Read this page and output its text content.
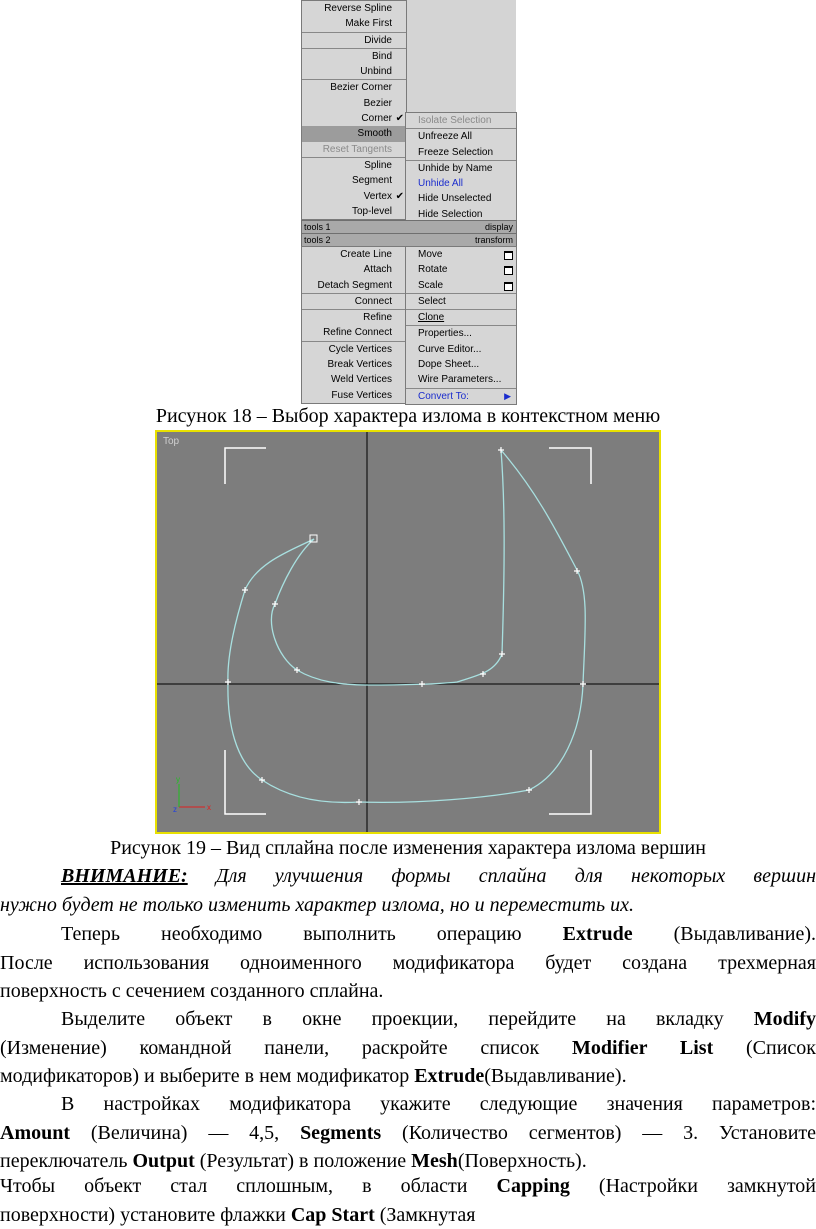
Reverse Spline
Make First
Divide
Bind
Unbind
Bezier Corner
Bezier
Corner ✔
Smooth
Reset Tangents
Spline
Segment
Vertex ✔
Top-level
Isolate Selection
Unfreeze All
Freeze Selection
Unhide by Name
Unhide All
Hide Unselected
Hide Selection
tools 1	display
tools 2	transform
Create Line
Attach
Detach Segment
Connect
Refine
Refine Connect
Cycle Vertices
Break Vertices
Weld Vertices
Fuse Vertices
Move
Rotate
Scale
Select
Clone
Properties...
Curve Editor...
Dope Sheet...
Wire Parameters...
Convert To:	▶
Рисунок 18 – Выбор характера излома в контекстном меню
Top
x
y
z
Рисунок 19 – Вид сплайна после изменения характера излома вершин
ВНИМАНИЕ: Для улучшения формы сплайна для некоторых вершин
нужно будет не только изменить характер излома, но и переместить их.
Теперь необходимо выполнить операцию Extrude (Выдавливание).
После использования одноименного модификатора будет создана трехмерная
поверхность с сечением созданного сплайна.
Выделите объект в окне проекции, перейдите на вкладку Modify
(Изменение) командной панели, раскройте список Modifier List (Список
модификаторов) и выберите в нем модификатор Extrude(Выдавливание).
В настройках модификатора укажите следующие значения параметров:
Amount (Величина) — 4,5, Segments (Количество сегментов) — 3. Установите
переключатель Output (Результат) в положение Mesh(Поверхность).
Чтобы объект стал сплошным, в области Capping (Настройки замкнутой
поверхности) установите флажки Cap Start (Замкнутая
